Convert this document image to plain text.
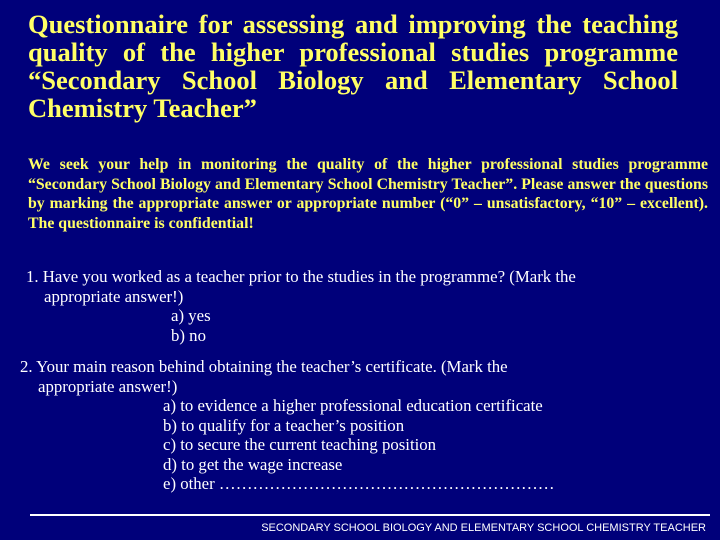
Questionnaire for assessing and improving the teaching quality of the higher professional studies programme “Secondary School Biology and Elementary School Chemistry Teacher”
We seek your help in monitoring the quality of the higher professional studies programme “Secondary School Biology and Elementary School Chemistry Teacher”. Please answer the questions by marking the appropriate answer or appropriate number (“0” – unsatisfactory, “10” – excellent). The questionnaire is confidential!
1. Have you worked as a teacher prior to the studies in the programme? (Mark the
appropriate answer!)
a) yes
b) no
2. Your main reason behind obtaining the teacher’s certificate. (Mark the
appropriate answer!)
a) to evidence a higher professional education certificate
b) to qualify for a teacher’s position
c) to secure the current teaching position
d) to get the wage increase
e) other ……………………………………………………
SECONDARY SCHOOL BIOLOGY AND ELEMENTARY SCHOOL CHEMISTRY TEACHER
